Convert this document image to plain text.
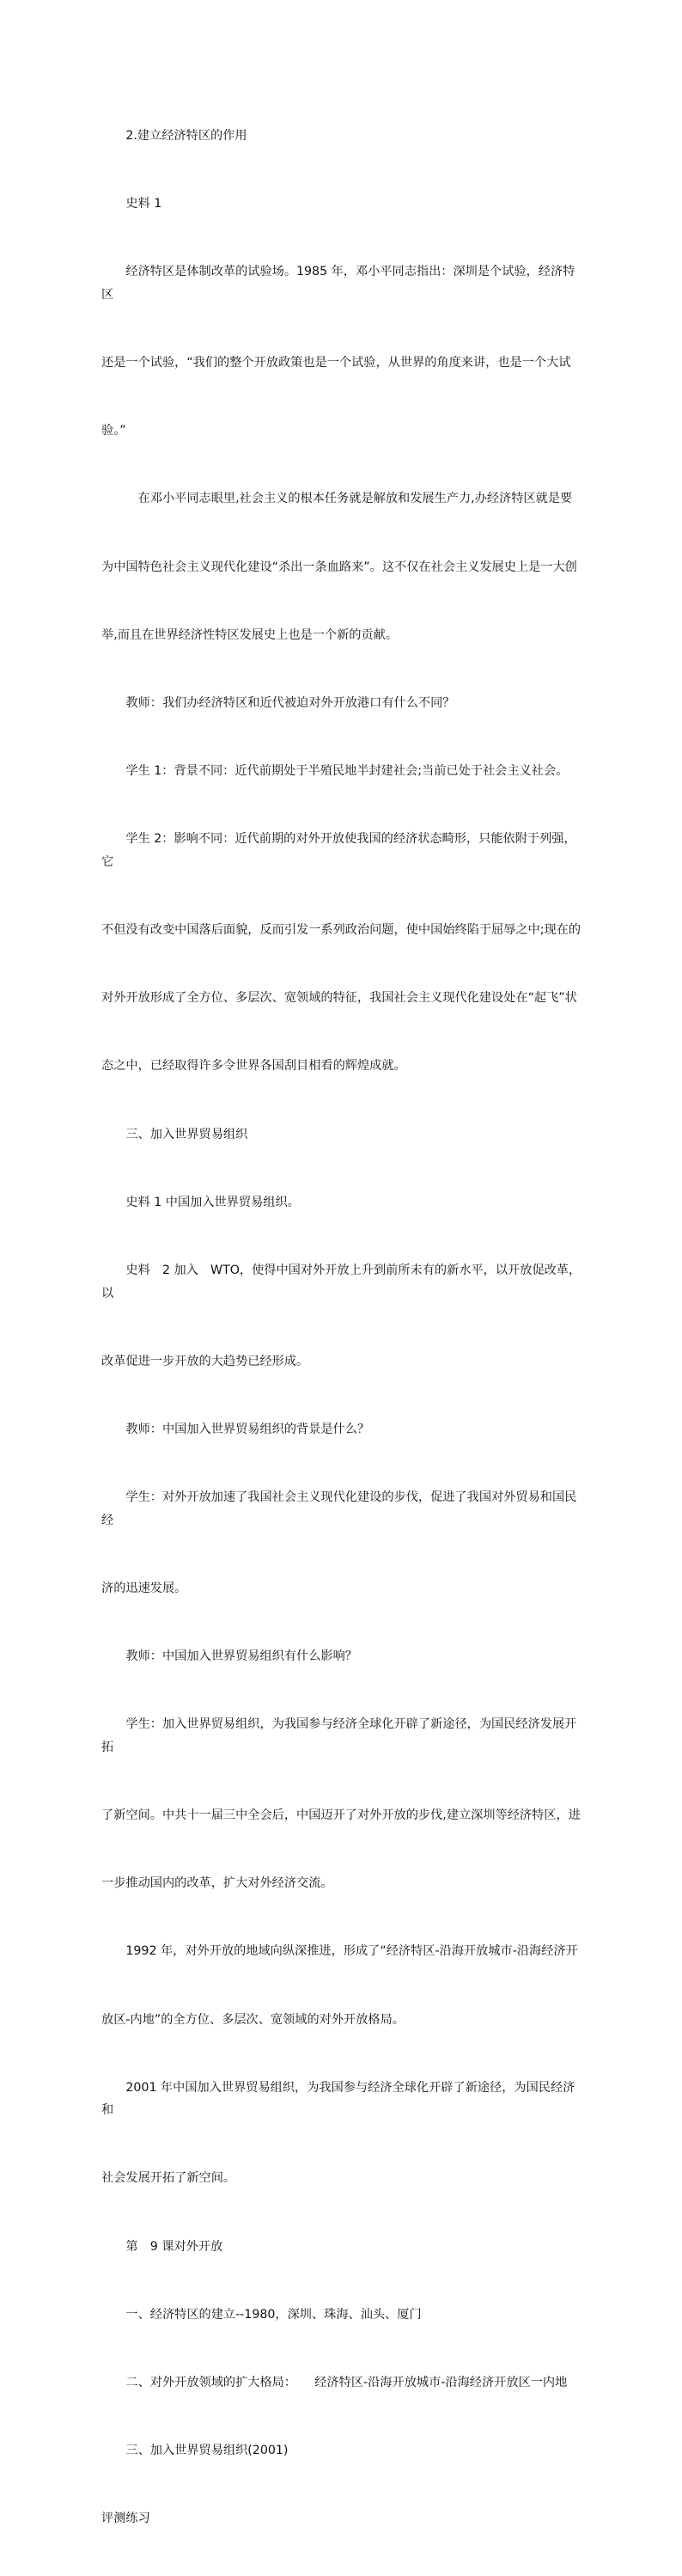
　　2.建立经济特区的作用

　　史料 1

　　经济特区是体制改革的试验场。1985 年，邓小平同志指出：深圳是个试验，经济特区

还是一个试验，“我们的整个开放政策也是一个试验，从世界的角度来讲，也是一个大试

验。”

　　　在邓小平同志眼里,社会主义的根本任务就是解放和发展生产力,办经济特区就是要

为中国特色社会主义现代化建设“杀出一条血路来”。这不仅在社会主义发展史上是一大创

举,而且在世界经济性特区发展史上也是一个新的贡献。

　　教师：我们办经济特区和近代被迫对外开放港口有什么不同？

　　学生 1：背景不同：近代前期处于半殖民地半封建社会;当前已处于社会主义社会。

　　学生 2：影响不同：近代前期的对外开放使我国的经济状态畸形，只能依附于列强，它

不但没有改变中国落后面貌，反而引发一系列政治问题，使中国始终陷于屈辱之中;现在的

对外开放形成了全方位、多层次、宽领域的特征，我国社会主义现代化建设处在“起飞”状

态之中，已经取得许多令世界各国刮目相看的辉煌成就。

　　三、加入世界贸易组织

　　史料 1 中国加入世界贸易组织。

　　史料　2 加入　WTO，使得中国对外开放上升到前所未有的新水平，以开放促改革，以

改革促进一步开放的大趋势已经形成。

　　教师：中国加入世界贸易组织的背景是什么？

　　学生：对外开放加速了我国社会主义现代化建设的步伐，促进了我国对外贸易和国民经

济的迅速发展。

　　教师：中国加入世界贸易组织有什么影响？

　　学生：加入世界贸易组织，为我国参与经济全球化开辟了新途径，为国民经济发展开拓

了新空间。中共十一届三中全会后，中国迈开了对外开放的步伐,建立深圳等经济特区，进

一步推动国内的改革，扩大对外经济交流。

　　1992 年，对外开放的地域向纵深推进，形成了“经济特区-沿海开放城市-沿海经济开

放区-内地”的全方位、多层次、宽领域的对外开放格局。

　　2001 年中国加入世界贸易组织，为我国参与经济全球化开辟了新途径，为国民经济和

社会发展开拓了新空间。

　　第　9 课对外开放

　　一、经济特区的建立--1980，深圳、珠海、汕头、厦门

　　二、对外开放领域的扩大格局：　　经济特区-沿海开放城市-沿海经济开放区一内地

　　三、加入世界贸易组织(2001)

评测练习
